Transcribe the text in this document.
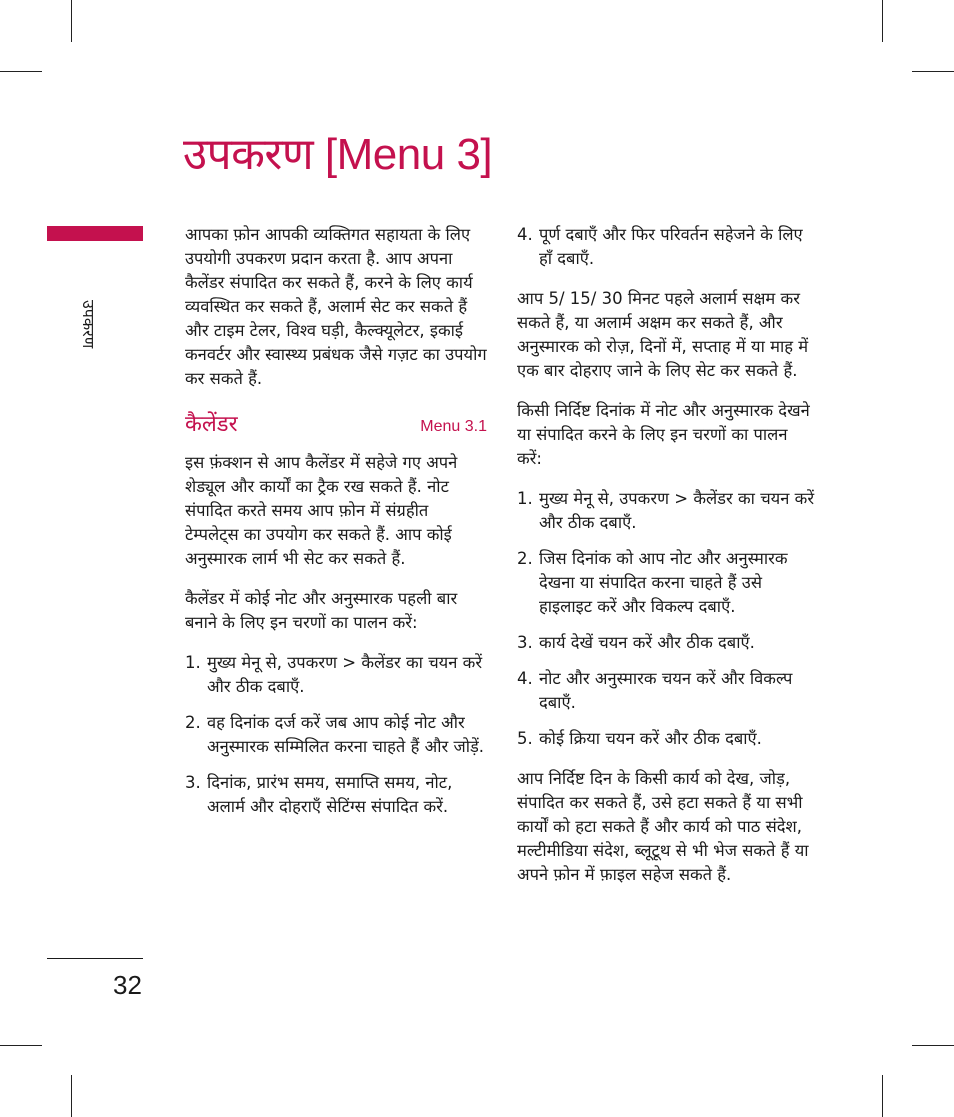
उपकरण [Menu 3]
उपकरण
32

आपका फ़ोन आपकी व्यक्तिगत सहायता के लिए उपयोगी उपकरण प्रदान करता है. आप अपना कैलेंडर संपादित कर सकते हैं, करने के लिए कार्य व्यवस्थित कर सकते हैं, अलार्म सेट कर सकते हैं और टाइम टेलर, विश्व घड़ी, कैल्क्यूलेटर, इकाई कनवर्टर और स्वास्थ्य प्रबंधक जैसे गज़ट का उपयोग कर सकते हैं.

कैलेंडर	Menu 3.1

इस फ़ंक्शन से आप कैलेंडर में सहेजे गए अपने शेड्यूल और कार्यों का ट्रैक रख सकते हैं. नोट संपादित करते समय आप फ़ोन में संग्रहीत टेम्पलेट्स का उपयोग कर सकते हैं. आप कोई अनुस्मारक लार्म भी सेट कर सकते हैं.

कैलेंडर में कोई नोट और अनुस्मारक पहली बार बनाने के लिए इन चरणों का पालन करें:

1. मुख्य मेनू से, उपकरण > कैलेंडर का चयन करें और ठीक दबाएँ.
2. वह दिनांक दर्ज करें जब आप कोई नोट और अनुस्मारक सम्मिलित करना चाहते हैं और जोड़ें.
3. दिनांक, प्रारंभ समय, समाप्ति समय, नोट, अलार्म और दोहराएँ सेटिंग्स संपादित करें.
4. पूर्ण दबाएँ और फिर परिवर्तन सहेजने के लिए हाँ दबाएँ.

आप 5/ 15/ 30 मिनट पहले अलार्म सक्षम कर सकते हैं, या अलार्म अक्षम कर सकते हैं, और अनुस्मारक को रोज़, दिनों में, सप्ताह में या माह में एक बार दोहराए जाने के लिए सेट कर सकते हैं.

किसी निर्दिष्ट दिनांक में नोट और अनुस्मारक देखने या संपादित करने के लिए इन चरणों का पालन करें:

1. मुख्य मेनू से, उपकरण > कैलेंडर का चयन करें और ठीक दबाएँ.
2. जिस दिनांक को आप नोट और अनुस्मारक देखना या संपादित करना चाहते हैं उसे हाइलाइट करें और विकल्प दबाएँ.
3. कार्य देखें चयन करें और ठीक दबाएँ.
4. नोट और अनुस्मारक चयन करें और विकल्प दबाएँ.
5. कोई क्रिया चयन करें और ठीक दबाएँ.

आप निर्दिष्ट दिन के किसी कार्य को देख, जोड़, संपादित कर सकते हैं, उसे हटा सकते हैं या सभी कार्यों को हटा सकते हैं और कार्य को पाठ संदेश, मल्टीमीडिया संदेश, ब्लूटूथ से भी भेज सकते हैं या अपने फ़ोन में फ़ाइल सहेज सकते हैं.
